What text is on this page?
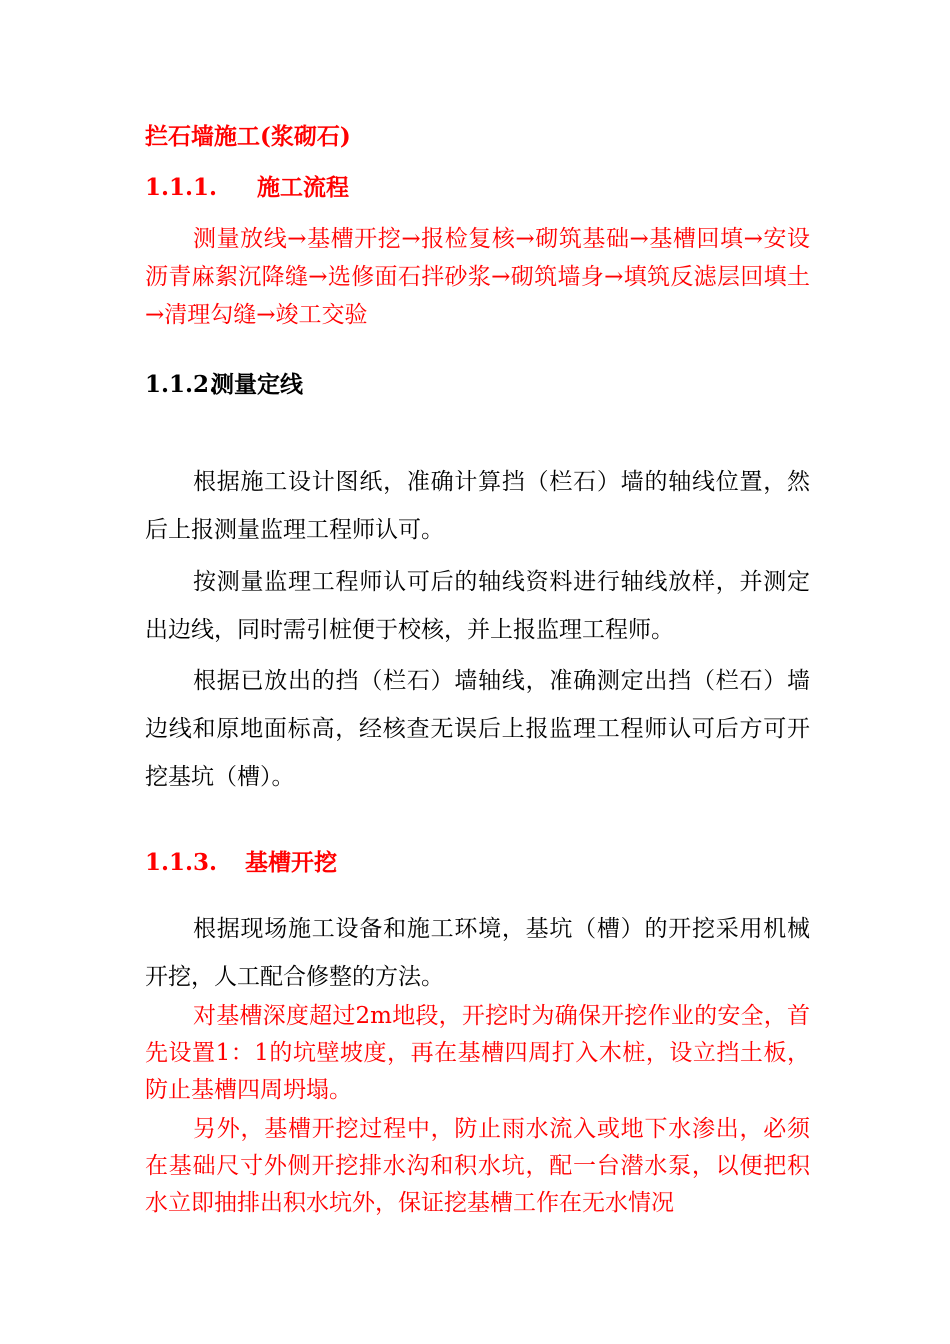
拦石墙施工(浆砌石)
1.1.1. 施工流程

测量放线→基槽开挖→报检复核→砌筑基础→基槽回填→安设沥青麻絮沉降缝→选修面石拌砂浆→砌筑墙身→填筑反滤层回填土→清理勾缝→竣工交验

1.1.2.测量定线

根据施工设计图纸，准确计算挡（栏石）墙的轴线位置，然后上报测量监理工程师认可。

按测量监理工程师认可后的轴线资料进行轴线放样，并测定出边线，同时需引桩便于校核，并上报监理工程师。

根据已放出的挡（栏石）墙轴线，准确测定出挡（栏石）墙边线和原地面标高，经核查无误后上报监理工程师认可后方可开挖基坑（槽）。

1.1.3. 基槽开挖

根据现场施工设备和施工环境，基坑（槽）的开挖采用机械开挖，人工配合修整的方法。

对基槽深度超过2m地段，开挖时为确保开挖作业的安全，首先设置1：1的坑壁坡度，再在基槽四周打入木桩，设立挡土板，防止基槽四周坍塌。

另外，基槽开挖过程中，防止雨水流入或地下水渗出，必须在基础尺寸外侧开挖排水沟和积水坑，配一台潜水泵，以便把积水立即抽排出积水坑外，保证挖基槽工作在无水情况
